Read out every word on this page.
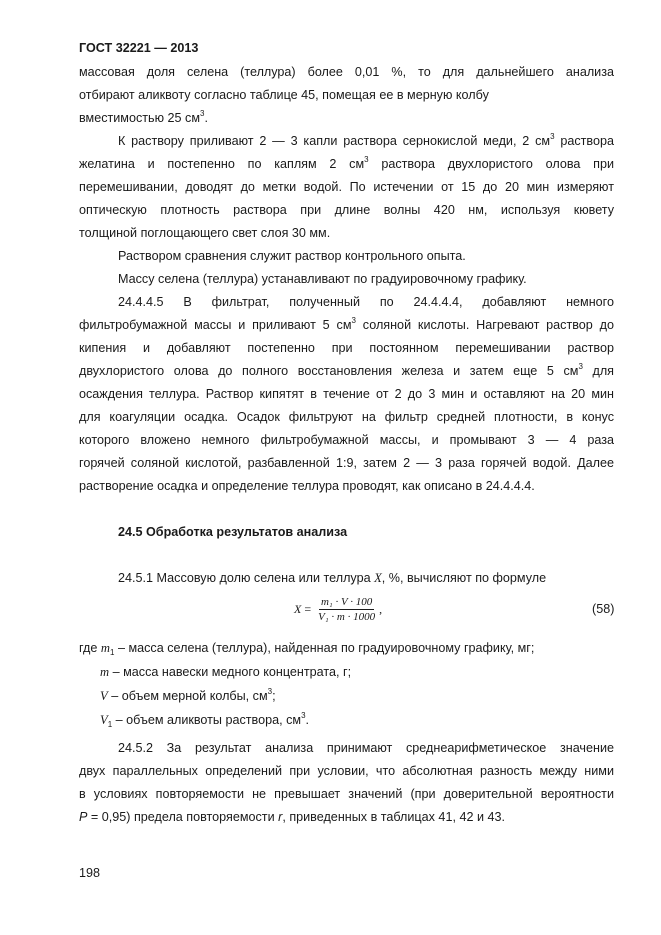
ГОСТ 32221 — 2013
массовая доля селена (теллура) более 0,01 %, то для дальнейшего анализа
отбирают аликвоту согласно таблице 45, помещая ее в мерную колбу
вместимостью 25 $см^3$.
К раствору приливают 2 — 3 капли раствора сернокислой меди, 2 $см^3$ раствора
желатина и постепенно по каплям 2 $см^3$ раствора двухлористого олова при
перемешивании, доводят до метки водой. По истечении от 15 до 20 мин измеряют
оптическую плотность раствора при длине волны 420 нм, используя кювету
толщиной поглощающего свет слоя 30 мм.
Раствором сравнения служит раствор контрольного опыта.
Массу селена (теллура) устанавливают по градуировочному графику.
24.4.4.5 В фильтрат, полученный по 24.4.4.4, добавляют немного
фильтробумажной массы и приливают 5 $см^3$ соляной кислоты. Нагревают раствор до
кипения и добавляют постепенно при постоянном перемешивании раствор
двухлористого олова до полного восстановления железа и затем еще 5 $см^3$ для
осаждения теллура. Раствор кипятят в течение от 2 до 3 мин и оставляют на 20 мин
для коагуляции осадка. Осадок фильтруют на фильтр средней плотности, в конус
которого вложено немного фильтробумажной массы, и промывают 3 — 4 раза
горячей соляной кислотой, разбавленной 1:9, затем 2 — 3 раза горячей водой. Далее
растворение осадка и определение теллура проводят, как описано в 24.4.4.4.
24.5 Обработка результатов анализа
24.5.1 Массовую долю селена или теллура X, %, вычисляют по формуле
$X = \frac{\text{m₁ · V · 100}}{\text{V₁ · m · 1000}}$ ,	(58)
где $m_1$ – масса селена (теллура), найденная по градуировочному графику, мг;
m – масса навески медного концентрата, г;
V – объем мерной колбы, $см^3$;
$V_1$ – объем аликвоты раствора, $см^3$.
24.5.2 За результат анализа принимают среднеарифметическое значение
двух параллельных определений при условии, что абсолютная разность между ними
в условиях повторяемости не превышает значений (при доверительной вероятности
P = 0,95) предела повторяемости r, приведенных в таблицах 41, 42 и 43.
198
